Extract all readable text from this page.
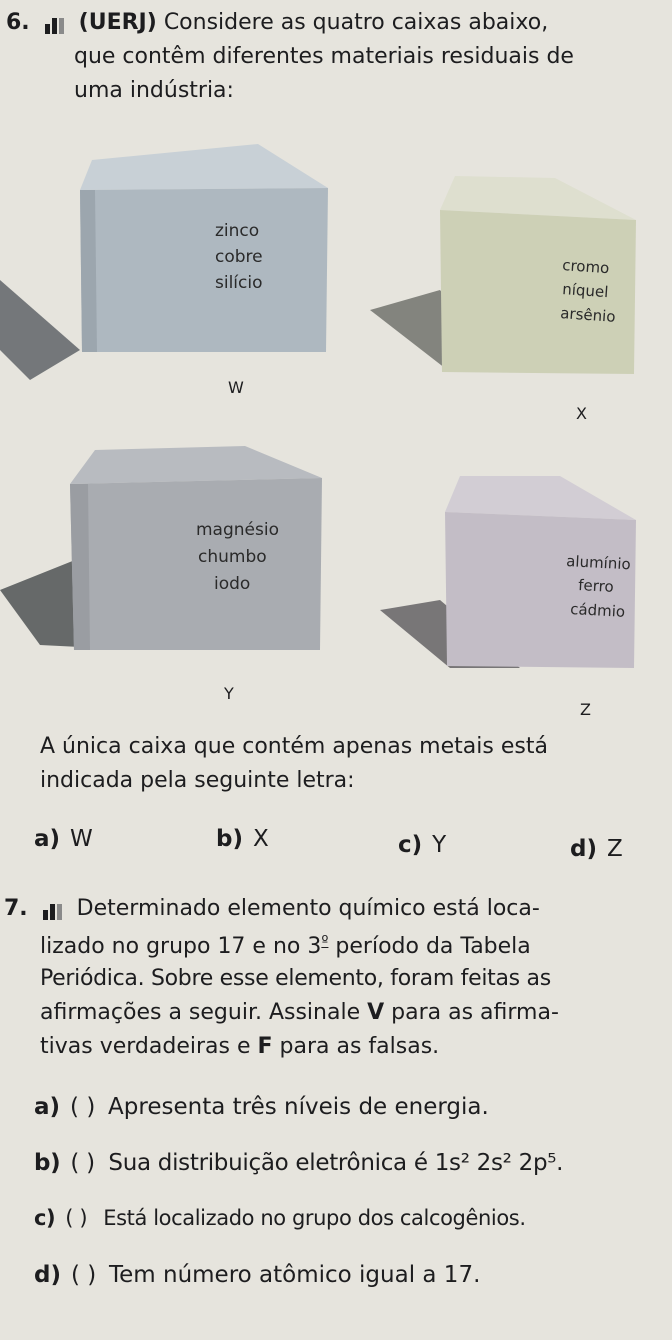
6. (UERJ) Considere as quatro caixas abaixo,
que contêm diferentes materiais residuais de
uma indústria:
zinco
cobre
silício
cromo
níquel
arsênio
magnésio
chumbo
iodo
alumínio
ferro
cádmio
W
X
Y
Z
A única caixa que contém apenas metais está
indicada pela seguinte letra:
a) W	b) X	c) Y	d) Z
7. Determinado elemento químico está loca-
lizado no grupo 17 e no $3^º$ período da Tabela
Periódica. Sobre esse elemento, foram feitas as
afirmações a seguir. Assinale V para as afirma-
tivas verdadeiras e F para as falsas.
a) ( ) Apresenta três níveis de energia.
b) ( ) Sua distribuição eletrônica é 1s² 2s² 2p⁵.
c) ( ) Está localizado no grupo dos calcogênios.
d) ( ) Tem número atômico igual a 17.
